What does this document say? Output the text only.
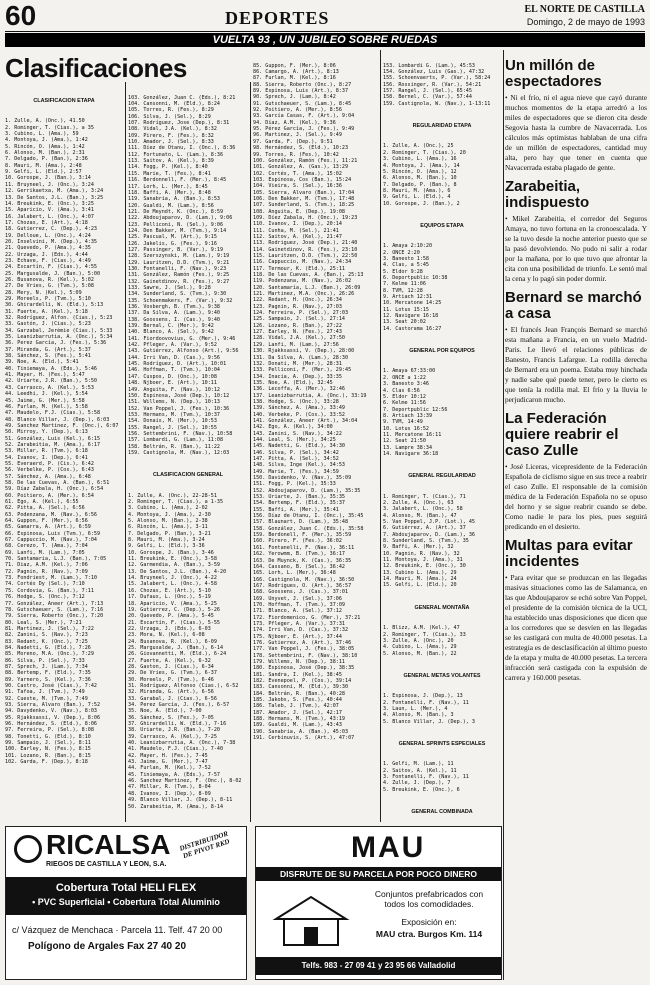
60	DEPORTES	EL NORTE DE CASTILLA
Domingo, 2 de mayo de 1993
VUELTA 93 , UN JUBILEO SOBRE RUEDAS
Clasificaciones

CLASIFICACION ETAPA

1. Zulle, A. (Onc.), 41.50
2. Rominger, T. (Cias.), a 35
3. Cubino, L. (Ama.), 59
4. Montoya, J. (Ama.), 1:42
5. Rincón, O. (Ama.), 1:42
6. Alonso, M. (Ban.), 2:31
7. Delgado, P. (Ban.), 2:36
8. Mauri, M. (Ama.), 2:48
9. Gelfi, L. (Eld.), 2:57
10. Gorospe, J. (Ban.), 3:14
11. Bruyneel, J. (Onc.), 3:24
12. Gerrikaetxa, M. (Ama.), 3:24
13. De Santos, J.L. (Ban.), 3:25
14. Breukink, E. (Onc.), 3:25
15. Aparicio, V. (Ama.), 3:41
16. Jalabert, L. (Onc.), 4:07
17. Chozas, E. (Art.), 4:18
18. Gutierrez, C. (Dep.), 4:23
19. Delloue, L. (Onc.), 4:24
20. Inselvini, M. (Dep.), 4:35
21. Quevedo, P. (Ama.), 4:35
22. Urzaga, J. (Eds.), 4:44
23. Echave, F. (Cias.), 4:49
24. Escartín, F. (Cias.), 4:55
25. Margusalde, J. (Ban.), 5:00
26. Busanova, R. (Kel.), 5:02
27. De Vries, G. (Tvm.), 5:08
28. Mery, N. (Kel.), 5:09
29. Moreels, P. (Tvm.), 5:10
30. Ghirardelli, W. (Eld.), 5:13
31. Fuerte, A. (Kel.), 5:18
32. Rodríguez, Alfon. (Cias.), 5:23
33. Gastón, J. (Cias.), 5:23
34. Garzabal, Jerémie (Cias.), 5:33
35. Leanizbarrutia, A. (Onc.), 5:34
36. Perez García, J. (Fes.), 5:36
37. Miranda, G. (Art.), 5:37
38. Sánchez, S. (Fes.), 5:41
39. Noe, A. (Eld.), 5:41
40. Tiniemaya, A. (Eds.), 5:46
41. Mayer, H. (Fes.), 5:47
42. Uriarte, J.R. (Ban.), 5:50
43. Carrasco, A. (Kel.), 5:53
44. Leedhi, J. (Kel.), 5:54
45. Jaime, G. (Mer.), 5:58
46. Furlan, M. (Kel.), 5:58
47. Maudelo, F.J. (Cias.), 5:58
48. Blanco Villar, J. (Dep.), 6:03
49. Sanchez Martinez, F. (Onc.), 6:07
50. Mirroy, Y. (Dep.), 6:13
51. González, Luis (Kel.), 6:15
52. Zarabeitia, M. (Ama.), 6:17
53. Millar, R. (Tvm.), 6:18
54. Ivanov, I. (Dep.), 6:41
55. Everaerd, P. (Cis.), 6:42
56. Verbelke, P. (Cos.), 6:43
57. Sánchez, A. (Ama.), 6:48
58. De las Cuevas, A. (Ban.), 6:51
59. Díaz Zabala, H. (Onc.), 6:54
60. Poitiero, A. (Mer.), 6:54
61. Ego, A. (Kel.), 6:55
62. Pitta, A. (Sel.), 6:56
63. Podenzana, M. (Nav.), 6:56
64. Guppon, F. (Mer.), 6:56
65. Gamarra, A. (Art.), 6:59
66. Espinosa, Luis (Tvm.), 6:59
67. Cappuccio, M. (Nav.), 7:04
68. Cerezo, T. (Ama.), 7:04
69. Lanfi, M. (Lam.), 7:05
70. Santamaria, L.J. (Ban.), 7:05
71. Diaz, A.M. (Kel.), 7:06
72. Pagnin, R. (Nav.), 7:09
73. Fondriest, M. (Lam.), 7:10
74. Cortés Dy (Sel.), 7:10
75. Cordovia, G. (Ban.), 7:11
76. Hodge, S. (Onc.), 7:12
77. González, Aneer (Art.), 7:13
78. Gutschaeuer, S. (Lam.), 7:16
79. Sierra, Roberto (Onc.), 7:20
80. Leal, S. (Mer.), 7:21
81. Martinez, J. (Sel.), 7:22
82. Zanini, S. (Nav.), 7:23
83. Redant, K. (Onc.), 7:25
84. Nadetti, G. (Eld.), 7:26
85. Moreno, M.A. (Onc.), 7:29
86. Silva, P. (Sel.), 7:33
87. Sprech, J. (Lam.), 7:34
88. Bertemp, F. (Eld.), 7:35
89. Yarnero, S. (Kel.), 7:36
90. Castro, José (Cias.), 7:42
91. Tafoa, J. (Tvm.), 7:49
92. Cueste, M. (Tvm.), 7:49
93. Sierra, Alvaro (Ban.), 7:52
94. Davydenko, V. (Nav.), 8:03
95. Rjakksassi, V. (Dep.), 8:06
96. Hernández, S. (Eld.), 8:06
97. Ferreira, P. (Sel.), 8:08
98. Tonetti, G. (Eld.), 8:10
99. Sampaio, J. (Sel.), 8:11
100. Earley, N. (Fes.), 8:15
101. Lozano, R. (Ban.), 8:15
102. Garda, F. (Dep.), 8:18

103. González, Juan C. (Eds.), 8:21
104. Cansonni, M. (Eld.), 8:24
105. Torres, R. (Fes.), 8:29
106. Silva, J. (Sel.), 8:29
107. Rodríguez, Jose (Dep.), 8:31
108. Vidal, J.A. (Kel.), 8:32
109. Pirero, F. (Fes.), 8:32
110. Amador, J. (Sel.), 8:33
111. Díez de Otanu, I. (Onc.), 8:36
112. Fortunato, L. (Lam.), 8:36
113. Saitov, A. (Kel.), 8:39
114. Fogg, P. (Kel.), 8:40
115. Marie, T. (Fes.), 8:41
116. Berdonnell, F. (Mer.), 8:45
117. Lorh, L. (Mer.), 8:45
118. Baffi, A. (Mer.), 8:48
119. Sanabria, A. (Ban.), 8:53
120. Gualdi, M. (Lam.), 8:56
121. De Meyndt, K. (Onc.), 8:59
122. Abdoujaparov, D. (Lam.), 9:06
123. Pelliconi, N. (Sel.), 9:06
124. Den Bakker, M. (Tvm.), 9:14
125. Pascual, M. (Art.), 9:15
126. Jakelis, G. (Fes.), 9:16
127. Passinger, B. (Var.), 9:19
128. Szerszynski, M. (Lam.), 9:19
129. Lauritzen, D.D. (Tvm.), 9:21
130. Fontanelli, F. (Nav.), 9:23
131. González, Ramón (Fes.), 9:25
132. Gainetdinov, R. (Fes.), 9:27
133. Sawre, J. (Sel.), 9:28
134. Sunderland, S. (Tvm.), 9:30
135. Schoenmakers, F. (Var.), 9:32
136. Vosbergh, B. (Tvm.), 9:38
137. Da Silva, A. (Lam.), 9:40
138. Goossens, I. (Cas.), 9:40
139. Bernal, C. (Mer.), 9:42
140. Blanco, A. (Sel.), 9:42
141. Fiordoovovius, G. (Mer.), 9:46
142. Pfleger, A. (Var.), 9:52
143. Gutiérrez, Alfonso (Art.), 9:56
144. Irri Van, D. (Cas.), 9:56
145. Rodríguez, D. (Art.), 10:01
146. Hoffman, T. (Tvm.), 10:04
147. Cuspos, D. (Onc.), 10:08
148. Njboer, E. (Art.), 10:11
149. Anguita, F. (Nav.), 10:12
150. Espinosa, José (Dep.), 10:12
151. Willems, N. (Dep.), 10:13
152. Van Poppel, J. (Fes.), 10:36
153. Hermans, M. (Tvm.), 10:37
154. Donais, M. (Mer.), 10:53
155. Rangel, J. (Sel.), 10:55
156. Settembrini, F. (Nav.), 10:58
157. Lombardi, G. (Lam.), 11:08
158. Beltrán, R. (Ban.), 11:22
159. Castignola, M. (Nav.), 12:03

CLASIFICACION GENERAL

1. Zulle, A. (Onc.), 22-28-51
2. Rominger, T. (Cias.), a 1-35
3. Cubino, L. (Ama.), 2-02
4. Montoya, J. (Ama.), 2-30
5. Alonso, M. (Ban.), 2-38
6. Rincón, L. (Ama.), 3-11
7. Delgado, P. (Ban.), 3-21
8. Mauri, M. (Ama.), 3-24
9. Gelfi, L. (Eld.), 3-36
10. Gorospe, J. (Ban.), 3-46
11. Breukink, E. (Onc.), 3-58
12. Garmendia, A. (Ban.), 3-59
13. De Santos, J.L. (Ban.), 4-20
14. Bruyneel, J. (Onc.), 4-22
15. Jalabert, L. (Onc.), 4-58
16. Chozas, E. (Art.), 5-10
17. Dufaux, L. (Onc.), 5-19
18. Aparicio, V. (Ama.), 5-25
19. Gutierrez, C. (Dep.), 5-26
20. Quevedo, P. (Ama.), 5-45
21. Escartín, F. (Cias.), 5-55
22. Urzaga, J. (Eds.), 6-03
23. Mora, N. (Kel.), 6-08
24. Busanova, R. (Kel.), 6-09
25. Margusalde, J. (Ban.), 6-14
26. Giovannetti, M. (Eld.), 6-24
27. Fuerte, A. (Kel.), 6-32
28. Gaston, J. (Cias.), 6-34
29. De Vries, G. (Tvm.), 6-37
30. Moreels, P. (Tvm.), 6-46
31. Rodríguez, Alfonso (Cias.), 6-52
32. Miranda, G. (Art.), 6-56
33. Garabal, J. (Cias.), 6-56
34. Perez García, J. (Fes.), 6-57
35. Noe, A. (Eld.), 7-00
36. Sánchez, S. (Fes.), 7-05
37. Ghirardelli, W. (Eld.), 7-16
38. Uriarte, J.R. (Ban.), 7-20
39. Carrasco, A. (Kel.), 7-25
40. Leanizbarrutia, A. (Onc.), 7-38
41. Maudelo, F.J. (Cias.), 7-40
42. Mayer, H. (Fes.), 7-45
43. Jaime, G. (Mer.), 7-47
44. Furlan, M. (Kel.), 7-52
45. Tiniemaya, A. (Eds.), 7-57
46. Sanchez Martinez, F. (Onc.), 8-02
47. Millar, R. (Tvm.), 8-04
48. Ivanov, I. (Dep.), 8-09
49. Blanco Villar, J. (Dep.), 8-11
50. Zarabeitia, M. (Ama.), 8-14

85. Guppon, F. (Mer.), 8:06
86. Camargo, A. (Art.), 8:13
87. Furlan, M. (Kel.), 8:16
88. Sierra, Roberto (Onc.), 8:27
89. Espinosa, Luis (Art.), 8:37
90. Sprech, J. (Lam.), 8:42
91. Gutschaeuer, S. (Lam.), 8:45
92. Poitiero, A. (Mer.), 8:56
93. García Casas, F. (Art.), 9:04
94. Díaz, A.M. (Kel.), 9:36
95. Pérez García, J. (Fes.), 9:49
96. Martinez, J. (Sel.), 9:49
97. Garda, F. (Dep.), 9:51
98. Hernández, S. (Eld.), 10:23
99. Torres, R. (Fes.), 10:42
100. González, Ramón (Fes.), 11:21
101. González, A. (Gas.), 13:29
102. Cortés, T. (Ama.), 15:02
103. Espinosa, Cos (Ban.), 15:24
104. Vieira, S. (Sel.), 16:36
105. Sierra, Alvaro (Ban.), 17:04
106. Den Bakker, M. (Tvm.), 17:48
107. Sunderland, S. (Tvm.), 18:25
108. Anguita, E. (Dep.), 19:08
109. Díez Zabala, H. (Onc.), 19:23
110. Ivanov, I. (Dep.), 20:14
111. Cunha, M. (Sel.), 21:41
112. Saitov, A. (Kel.), 21:47
113. Rodriguez, José (Dep.), 21:40
114. Gainetdinov, R. (Fes.), 23:10
115. Lauritzen, D.D. (Tvm.), 22:50
116. Cappuccio, M. (Nav.), 24:34
117. Termour, K. (Eld.), 25:11
118. De las Cuevas, A. (Ban.), 25:13
119. Podenzana, M. (Nav.), 26:02
120. Santamaría, L.J. (Ban.), 26:09
121. Martinez, M.A. (Onc.), 26:26
122. Redant, H. (Onc.), 26:34
123. Pagnin, R. (Nav.), 27:03
124. Ferreira, P. (Sel.), 27:03
125. Sampaio, J. (Sel.), 27:14
126. Lozano, R. (Ban.), 27:22
127. Earley, N. (Fes.), 27:43
128. Vidal, J.A. (Kel.), 27:50
129. Lanfi, M. (Lam.), 27:56
130. Rjakksassi, V. (Dep.), 28:00
131. Da Silva, A. (Lam.), 28:30
132. Donati, M. (Mer.), 28:31
133. Pelliconi, F. (Mer.), 29:45
134. Inacia, A. (Dep.), 33:35
135. Noe, A. (Eld.), 32:45
136. Lecoffa, A. (Mer.), 32:46
137. Leanizbarrutia, A. (Onc.), 33:19
138. Hodge, S. (Onc.), 33:28
139. Sánchez, A. (Ama.), 33:49
140. Verbeke, P. (Cos.), 33:52
141. González, Aneer (Art.), 34:04
142. Ego, A. (Kel.), 34:00
143. Zanini, S. (Nav.), 34:22
144. Leal, S. (Mer.), 34:25
145. Nadetti, G. (Eld.), 34:30
146. Silva, P. (Sel.), 34:42
147. Pitta, A. (Sel.), 34:52
148. Silva, Inge (Kel.), 34:53
149. Marie, T. (Fes.), 34:59
150. Davidenko, V. (Nav.), 35:09
151. Fogg, P. (Kel.), 35:33
152. Abdoujaparov, D. (Lam.), 35:35
153. Uriarte, J. (Ban.), 35:35
154. Bertemp, F. (Eld.), 35:37
155. Baffi, A. (Mer.), 35:41
156. Díaz de Otanu, I. (Onc.), 35:45
157. Blaunart, D. (Lam.), 35:48
158. González, Juan C. (Eds.), 35:58
159. Berdonell, F. (Mer.), 35:59
160. Pirero, F. (Fes.), 36:02
161. Fontanelli, F. (Nav.), 36:11
162. Yerowmm, B. (Tvm.), 36:17
163. De Muynck, K. (Cas.), 36:35
164. Cassano, B. (Sel.), 36:42
165. Lorh, L. (Mer.), 36:48
166. Castignola, M. (Nav.), 36:50
167. Rodrigues, O. (Art.), 36:57
168. Goossens, J. (Cas.), 37:01
169. Unyvet, J. (Sel.), 37:06
170. Hoffman, T. (Tvm.), 37:09
171. Blanco, A. (Sel.), 37:12
172. Fiordomenico, G. (Mer.), 37:21
173. Pfleger, A. (Var.), 37:31
174. Irri Van, D. (Cas.), 37:32
175. Njboer, E. (Art.), 37:44
176. Gutierrez, A. (Art.), 37:46
177. Van Poppel, J. (Fes.), 38:05
178. Settembrini, F. (Nav.), 38:10
179. Willems, N. (Dep.), 38:11
180. Espinosa, José (Dep.), 38:35
181. Sandra, I. (Kel.), 38:45
182. Evenepoel, P. (Cos.), 39:14
183. Cansonni, M. (Eld.), 39:30
184. Beltrán, R. (Ban.), 40:28
185. Jakobs, S. (Fes.), 40:44
186. Taleb, J. (Tvm.), 42:07
187. Amador, J. (Sel.), 42:17
188. Hermans, M. (Tvm.), 43:19
189. Gualdi, M. (Lam.), 43:43
190. Sanabria, A. (Ban.), 45:03
191. Cerbinuvis, S. (Art.), 47:07

153. Lombardi G. (Lam.), 45:53
154. González, Luis (Gas.), 47:32
155. Schoenvaerts, P. (Var.), 58:24
156. Rossinger, R. (Var.), 54:21
157. Rangel, J. (Sel.), 65:45
158. Bernel, C. (Var.), 57:44
159. Castignola, W. (Nav.), 1-13:11

REGULARIDAD ETAPA

1. Zulle, A. (Onc.), 25
2. Rominger, T. (Cias.), 20
3. Cubino, L. (Ama.), 16
4. Montoya, J. (Ama.), 14
5. Rincón, O. (Ama.), 12
6. Alonso, M. (Ban.), 10
7. Delgado, P. (Ban.), 8
8. Mauri, M. (Ama.), 6
9. Gelfi, L. (Eld.), 4
10. Gorospe, J. (Ban.), 2

EQUIPOS ETAPA

1. Amaya 2:10:20
2. ONCE 2:20
3. Banesto 1:58
4. Clas, a 5:45
5. Eldor 9:28
6. Deportpublic 10:38
7. Kelme 11:06
8. TVM, 12:28
9. Artiach 12:31
10. Mercatone 14:25
11. Lotus 15:15
12. Navigare 16:18
13. Seat 20:02
14. Castorama 16:27

GENERAL POR EQUIPOS

1. Amaya 67:33:00
2. ONCE a 1:22
3. Banesto 3:46
4. Clas 6:56
5. Eldor 10:12
6. Kelme 11:56
7. Deportpublic 12:56
8. Artiach 13:39
9. TVM, 14:49
10. Lotus 16:52
11. Mercatone 16:11
12. Seat 21:50
13. Lampre 38:34
14. Navigare 36:18

GENERAL REGULARIDAD

1. Rominger, T. (Cias.), 71
2. Zulle, A. (Onc.), 63
3. Jalabert, L. (Onc.), 58
4. Alonso, M. (Ban.), 47
5. Van Poppel, J.P. (Lot.), 45
6. Gutiérrez, A. (Art.), 37
7. Abdoujaparov, D. (Lam.), 36
8. Sunderland, S. (Tvm.), 35
9. Baffi, A. (Mer.), 32
10. Pagnin, R. (Nav.), 32
11. Montoya, J. (Ama.), 31
12. Breukink, E. (Onc.), 30
13. Cubino L. (Ama.), 29
14. Mauri, M. (Ama.), 24
15. Gelfi, L. (Eld.), 20

GENERAL MONTAÑA

1. Blizz, A.M. (Kel.), 47
2. Rominger, T. (Cias.), 33
3. Zulle, A. (Onc.), 20
4. Cubino, L. (Ama.), 29
5. Alonso, M. (Ban.), 22

GENERAL METAS VOLANTES

1. Espinosa, J. (Dep.), 13
2. Fontanelli, F. (Nav.), 11
3. Laun, L. (Mer.), 4
4. Alonso, M. (Ban.), 3
5. Blanco Villar, J. (Dep.), 3

GENERAL SPRINTS ESPECIALES

1. Gelfi, M. (Lam.), 11
2. Saitov, A. (Kel.), 11
3. Fontanelli, F. (Nav.), 11
4. Zulle, J. (Dep.), 7
5. Breukink, E. (Onc.), 6

GENERAL COMBINADA

Un millón de espectadores

• Ni el frío, ni el agua nieve que cayó durante muchos momentos de la etapa arredró a los miles de espectadores que se dieron cita desde Segovia hasta la cumbre de Navacerrada. Los cálculos más optimistas hablaban de una cifra de un millón de espectadores, cantidad muy alta, pero hay que tener en cuenta que Navacerrada estaba plagado de gente.

Zarabeitia, indispuesto

• Mikel Zarabeitia, el corredor del Seguros Amaya, no tuvo fortuna en la cronoescalada. Y se la tuvo desde la noche anterior puesto que se la pasó devolviendo. No pudo ni salir a rodar por la mañana, por lo que tuvo que afrontar la cita con una posibilidad de triunfo. Le sentó mal la cena y lo pagó sin poder dormir.

Bernard se marchó a casa

• El francés Jean François Bernard se marchó esta mañana a Francia, en un vuelo Madrid-Paris. Le llevó el relaciones públicas de Banesto, Francis Lafargue. La rodilla derecha de Bernard era un poema. Estaba muy hinchada y nadie sabe qué puede tener, pero le cierto es que tenía la rodilla mal. El frío y la lluvia le perjudicaron mucho.

La Federación quiere reabrir el caso Zulle

• José Liceras, vicepresidente de la Federación Española de ciclismo sigue en sus trece a reabrir el caso Zulle. El responsable de la comisión médica de la Federación Española no se opuso del horno y se sigue reabrir cuando se debe. Como nadie le para los pies, pues seguirá predicando en el desierto.

Multas para evitar incidentes

• Para evitar que se produzcan en las llegadas masivas situaciones como las de Salamanca, en las que Abdoujaparov se echó sobre Van Poppel, el presidente de la comisión técnica de la UCI, ha establecido unas disposiciones que dicen que a los corredores que se desvíen en las llegadas se les castigará con multa de 40.000 pesetas. La estrategia es de desclasificación al último puesto de la etapa y multa de 40.000 pesetas. La tercera infracción será castigada con la expulsión de carrera y 160.000 pesetas.

RICALSA
RIEGOS DE CASTILLA Y LEON, S.A.
DISTRIBUIDOR DE PIVOT RKD
Cobertura Total HELI FLEX
• PVC Superficial • Cobertura Total Aluminio
c/ Vázquez de Menchaca · Parcela 11. Telf. 47 20 00
Polígono de Argales Fax 27 40 20
MAU
DISFRUTE DE SU PARCELA POR POCO DINERO
Conjuntos prefabricados con todos los comodidades.
Exposición en:
MAU ctra. Burgos Km. 114
Telfs. 983 - 27 09 41 y 23 95 66 Valladolid
